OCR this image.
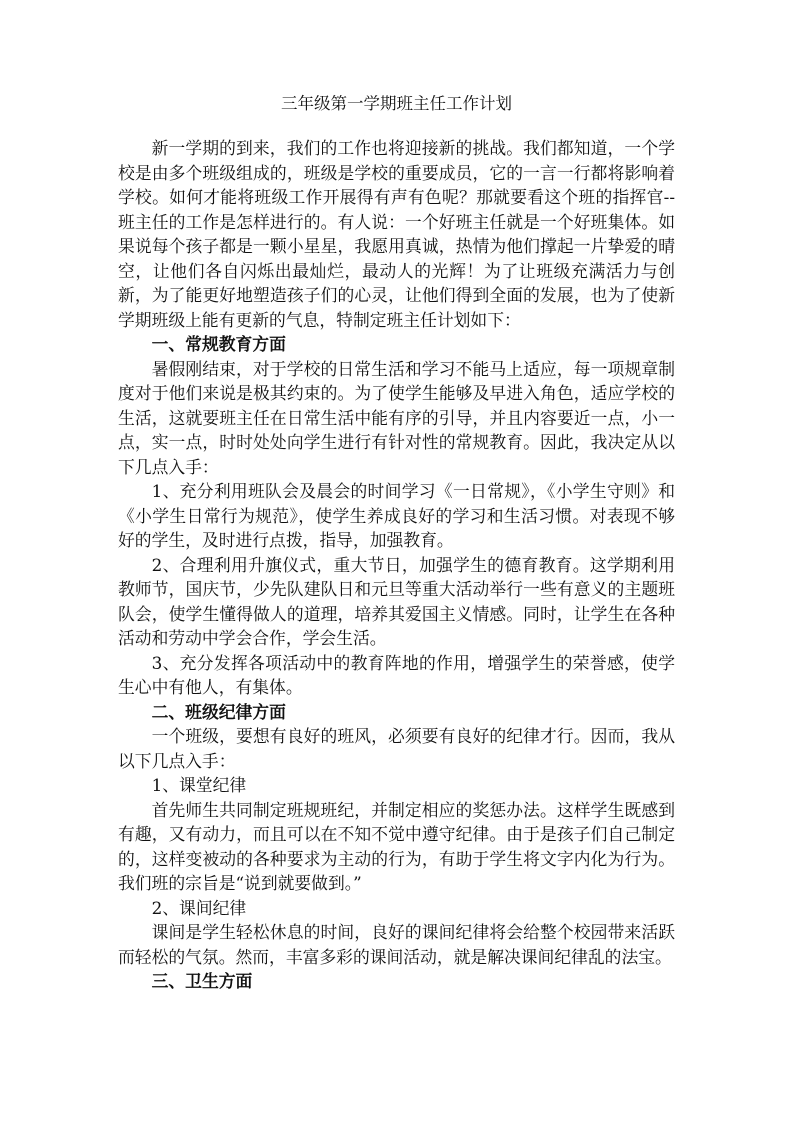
三年级第一学期班主任工作计划

新一学期的到来，我们的工作也将迎接新的挑战。我们都知道，一个学校是由多个班级组成的，班级是学校的重要成员，它的一言一行都将影响着学校。如何才能将班级工作开展得有声有色呢？那就要看这个班的指挥官--班主任的工作是怎样进行的。有人说：一个好班主任就是一个好班集体。如果说每个孩子都是一颗小星星，我愿用真诚，热情为他们撑起一片挚爱的晴空，让他们各自闪烁出最灿烂，最动人的光辉！为了让班级充满活力与创新，为了能更好地塑造孩子们的心灵，让他们得到全面的发展，也为了使新学期班级上能有更新的气息，特制定班主任计划如下：

一、常规教育方面

暑假刚结束，对于学校的日常生活和学习不能马上适应，每一项规章制度对于他们来说是极其约束的。为了使学生能够及早进入角色，适应学校的生活，这就要班主任在日常生活中能有序的引导，并且内容要近一点，小一点，实一点，时时处处向学生进行有针对性的常规教育。因此，我决定从以下几点入手：

1、充分利用班队会及晨会的时间学习《一日常规》，《小学生守则》和《小学生日常行为规范》，使学生养成良好的学习和生活习惯。对表现不够好的学生，及时进行点拨，指导，加强教育。

2、合理利用升旗仪式，重大节日，加强学生的德育教育。这学期利用教师节，国庆节，少先队建队日和元旦等重大活动举行一些有意义的主题班队会，使学生懂得做人的道理，培养其爱国主义情感。同时，让学生在各种活动和劳动中学会合作，学会生活。

3、充分发挥各项活动中的教育阵地的作用，增强学生的荣誉感，使学生心中有他人，有集体。

二、班级纪律方面

一个班级，要想有良好的班风，必须要有良好的纪律才行。因而，我从以下几点入手：

1、课堂纪律

首先师生共同制定班规班纪，并制定相应的奖惩办法。这样学生既感到有趣，又有动力，而且可以在不知不觉中遵守纪律。由于是孩子们自己制定的，这样变被动的各种要求为主动的行为，有助于学生将文字内化为行为。我们班的宗旨是“说到就要做到。”

2、课间纪律

课间是学生轻松休息的时间，良好的课间纪律将会给整个校园带来活跃而轻松的气氛。然而，丰富多彩的课间活动，就是解决课间纪律乱的法宝。

三、卫生方面
